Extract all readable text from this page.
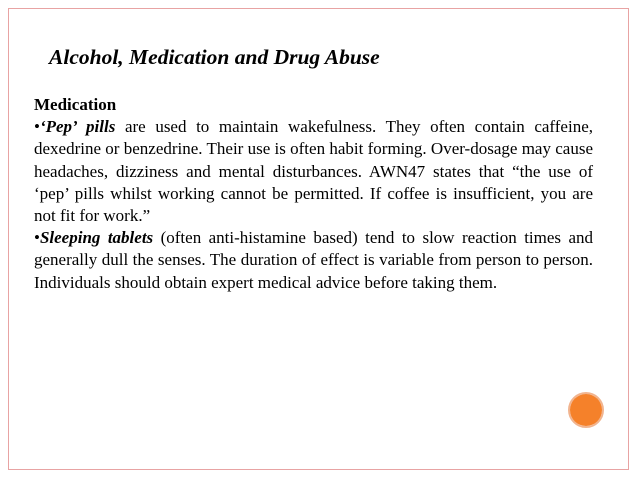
Alcohol, Medication and Drug Abuse

Medication

•‘Pep’ pills are used to maintain wakefulness. They often contain caffeine, dexedrine or benzedrine. Their use is often habit forming. Over-dosage may cause headaches, dizziness and mental disturbances. AWN47 states that “the use of ‘pep’ pills whilst working cannot be permitted. If coffee is insufficient, you are not fit for work.”

•Sleeping tablets (often anti-histamine based) tend to slow reaction times and generally dull the senses. The duration of effect is variable from person to person. Individuals should obtain expert medical advice before taking them.
